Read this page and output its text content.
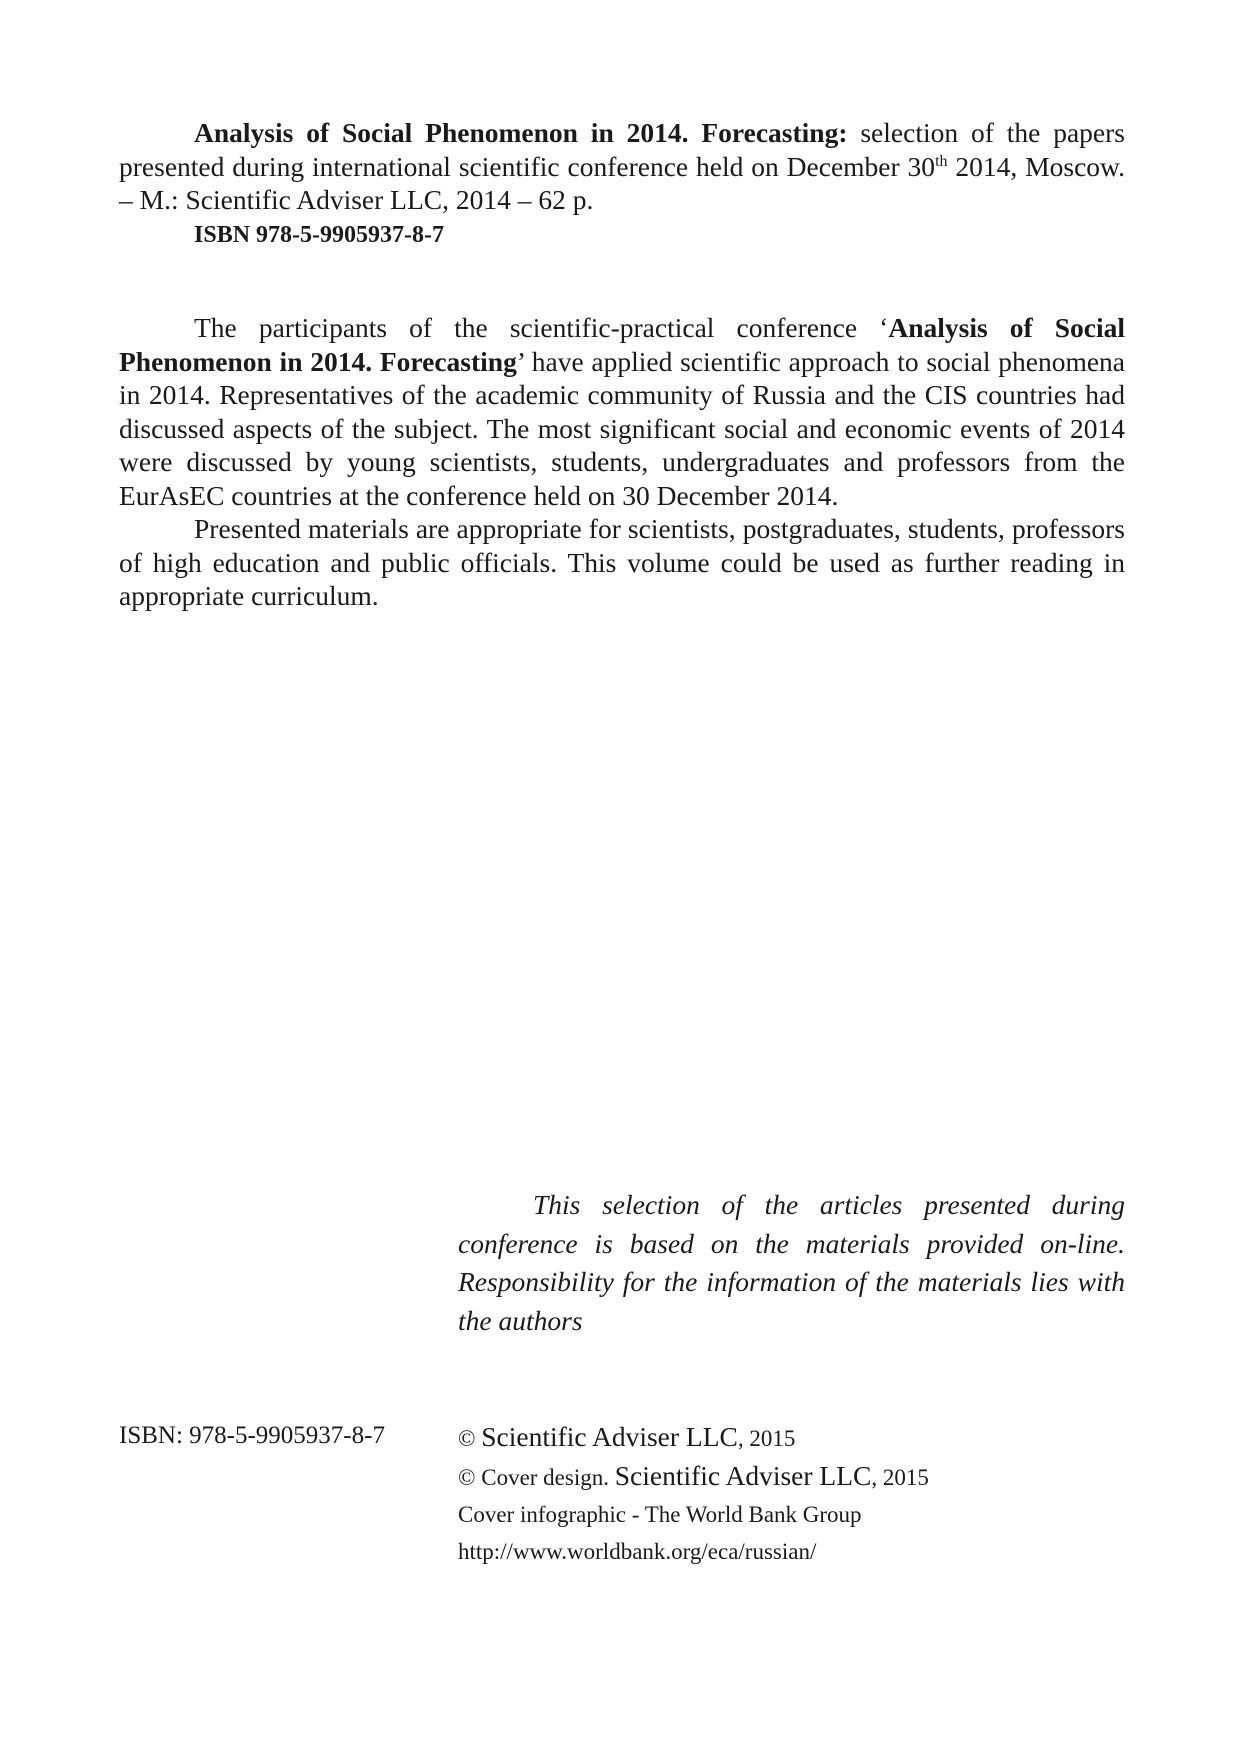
Analysis of Social Phenomenon in 2014. Forecasting: selection of the papers presented during international scientific conference held on December 30th 2014, Moscow. – M.: Scientific Adviser LLC, 2014 – 62 p.

ISBN 978-5-9905937-8-7

The participants of the scientific-practical conference ‘Analysis of Social Phenomenon in 2014. Forecasting’ have applied scientific approach to social phenomena in 2014. Representatives of the academic community of Russia and the CIS countries had discussed aspects of the subject. The most significant social and economic events of 2014 were discussed by young scientists, students, undergraduates and professors from the EurAsEC countries at the conference held on 30 December 2014.

Presented materials are appropriate for scientists, postgraduates, students, professors of high education and public officials. This volume could be used as further reading in appropriate curriculum.

This selection of the articles presented during conference is based on the materials provided on-line. Responsibility for the information of the materials lies with the authors

ISBN: 978-5-9905937-8-7	© Scientific Adviser LLC, 2015
© Cover design. Scientific Adviser LLC, 2015
Cover infographic - The World Bank Group
http://www.worldbank.org/eca/russian/
